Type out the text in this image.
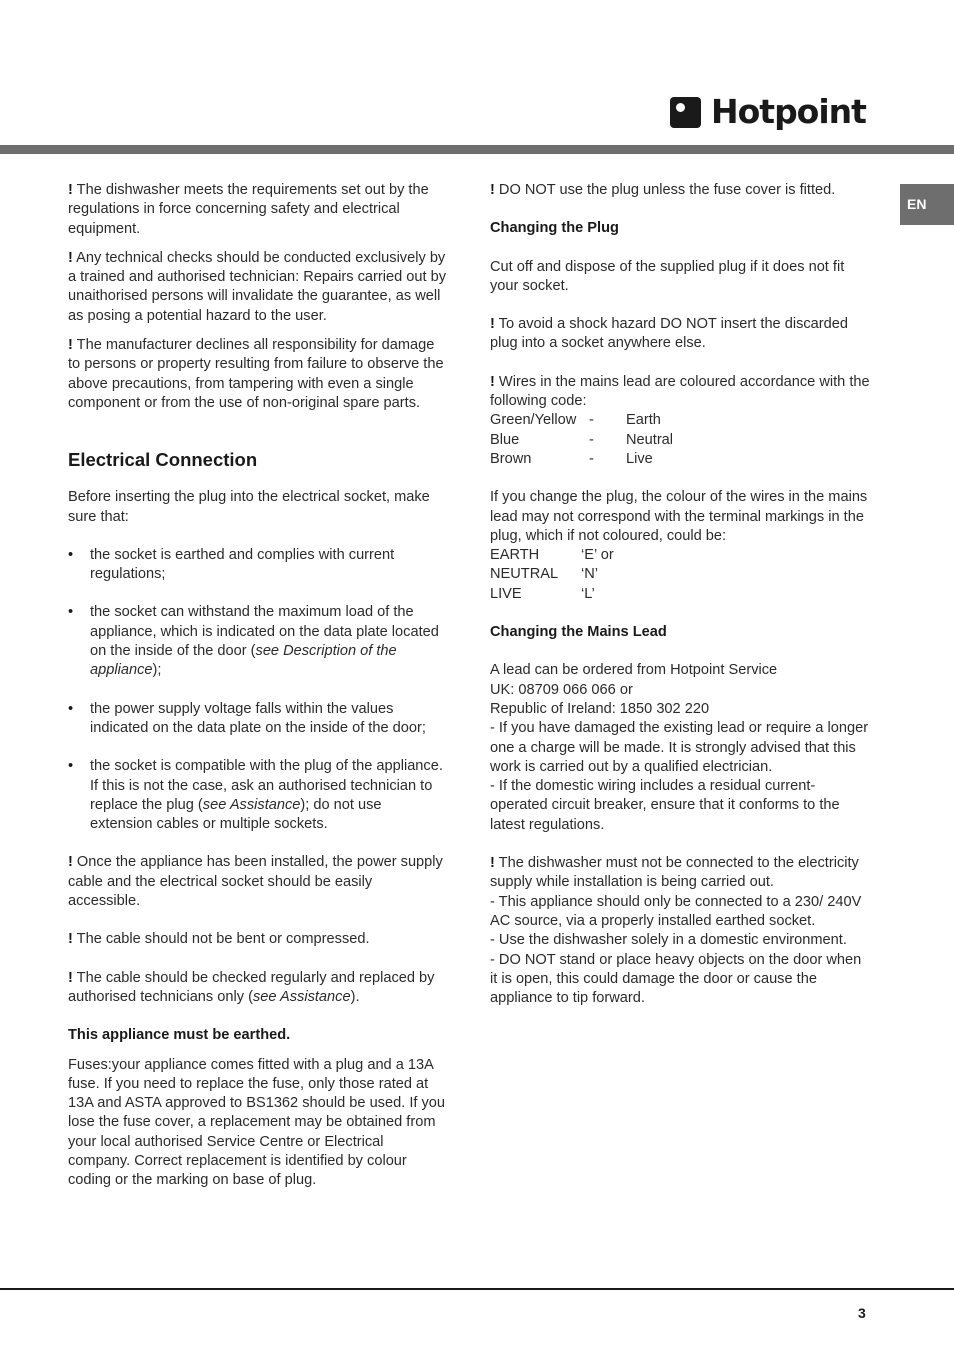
Hotpoint
EN

! The dishwasher meets the requirements set out by the regulations in force concerning safety and electrical equipment.

! Any technical checks should be conducted exclusively by a trained and authorised technician: Repairs carried out by unaithorised persons will invalidate the guarantee, as well as posing a potential hazard to the user.

! The manufacturer declines all responsibility for damage to persons or property resulting from failure to observe the above precautions, from tampering with even a single component or from the use of non-original spare parts.

Electrical Connection

Before inserting the plug into the electrical socket, make sure that:

• the socket is earthed and complies with current regulations;
• the socket can withstand the maximum load of the appliance, which is indicated on the data plate located on the inside of the door (see Description of the appliance);
• the power supply voltage falls within the values indicated on the data plate on the inside of the door;
• the socket is compatible with the plug of the appliance. If this is not the case, ask an authorised technician to replace the plug (see Assistance); do not use extension cables or multiple sockets.

! Once the appliance has been installed, the power supply cable and the electrical socket should be easily accessible.

! The cable should not be bent or compressed.

! The cable should be checked regularly and replaced by authorised technicians only (see Assistance).

This appliance must be earthed.

Fuses:your appliance comes fitted with a plug and a 13A fuse. If you need to replace the fuse, only those rated at 13A and ASTA approved to BS1362 should be used. If you lose the fuse cover, a replacement may be obtained from your local authorised Service Centre or Electrical company. Correct replacement is identified by colour coding or the marking on base of plug.

! DO NOT use the plug unless the fuse cover is fitted.

Changing the Plug

Cut off and dispose of the supplied plug if it does not fit your socket.

! To avoid a shock hazard DO NOT insert the discarded plug into a socket anywhere else.

! Wires in the mains lead are coloured accordance with the following code:

Green/Yellow -	Earth
Blue	-	Neutral
Brown	-	Live

If you change the plug, the colour of the wires in the mains lead may not correspond with the terminal markings in the plug, which if not coloured, could be:

EARTH	‘E’ or
NEUTRAL	‘N’
LIVE	‘L’

Changing the Mains Lead

A lead can be ordered from Hotpoint Service
UK: 08709 066 066 or
Republic of Ireland: 1850 302 220
- If you have damaged the existing lead or require a longer one a charge will be made. It is strongly advised that this work is carried out by a qualified electrician.
- If the domestic wiring includes a residual current-operated circuit breaker, ensure that it conforms to the latest regulations.

! The dishwasher must not be connected to the electricity supply while installation is being carried out.
- This appliance should only be connected to a 230/ 240V AC source, via a properly installed earthed socket.
- Use the dishwasher solely in a domestic environment.
- DO NOT stand or place heavy objects on the door when it is open, this could damage the door or cause the appliance to tip forward.

3
